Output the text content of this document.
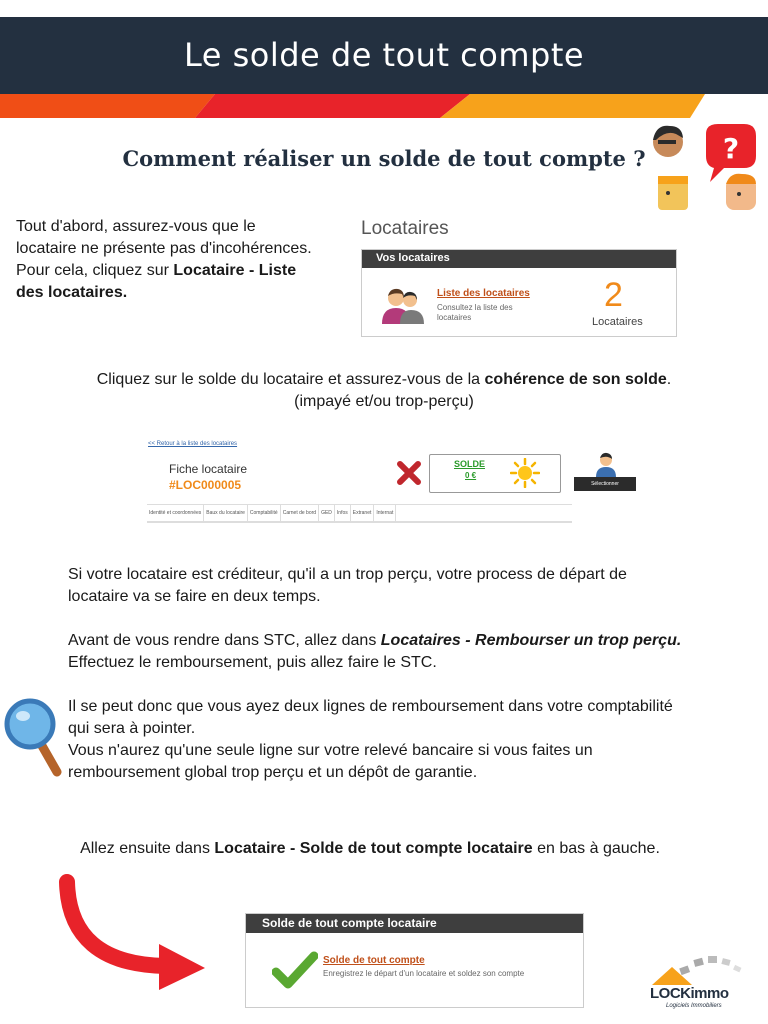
Le solde de tout compte
Comment réaliser un solde de tout compte ?	?
Tout d'abord, assurez-vous que le locataire ne présente pas d'incohérences.
Pour cela, cliquez sur Locataire - Liste des locataires.
Locataires
Vos locataires
Liste des locataires
Consultez la liste des locataires
2
Locataires
Cliquez sur le solde du locataire et assurez-vous de la cohérence de son solde.
(impayé et/ou trop-perçu)
<< Retour à la liste des locataires
Fiche locataire
#LOC000005
SOLDE
0 €
Sélectionner
Identité et coordonnées	Baux du locataire	Comptabilité	Carnet de bord	GED	Infos	Extranet	Internat

Si votre locataire est créditeur, qu'il a un trop perçu, votre process de départ de locataire va se faire en deux temps.

Avant de vous rendre dans STC, allez dans Locataires - Rembourser un trop perçu. Effectuez le remboursement, puis allez faire le STC.

Il se peut donc que vous ayez deux lignes de remboursement dans votre comptabilité qui sera à pointer.
Vous n'aurez qu'une seule ligne sur votre relevé bancaire si vous faites un remboursement global trop perçu et un dépôt de garantie.

Allez ensuite dans Locataire - Solde de tout compte locataire en bas à gauche.
Solde de tout compte locataire
Solde de tout compte
Enregistrez le départ d'un locataire et soldez son compte
LOCKimmo
Logiciels Immobiliers
